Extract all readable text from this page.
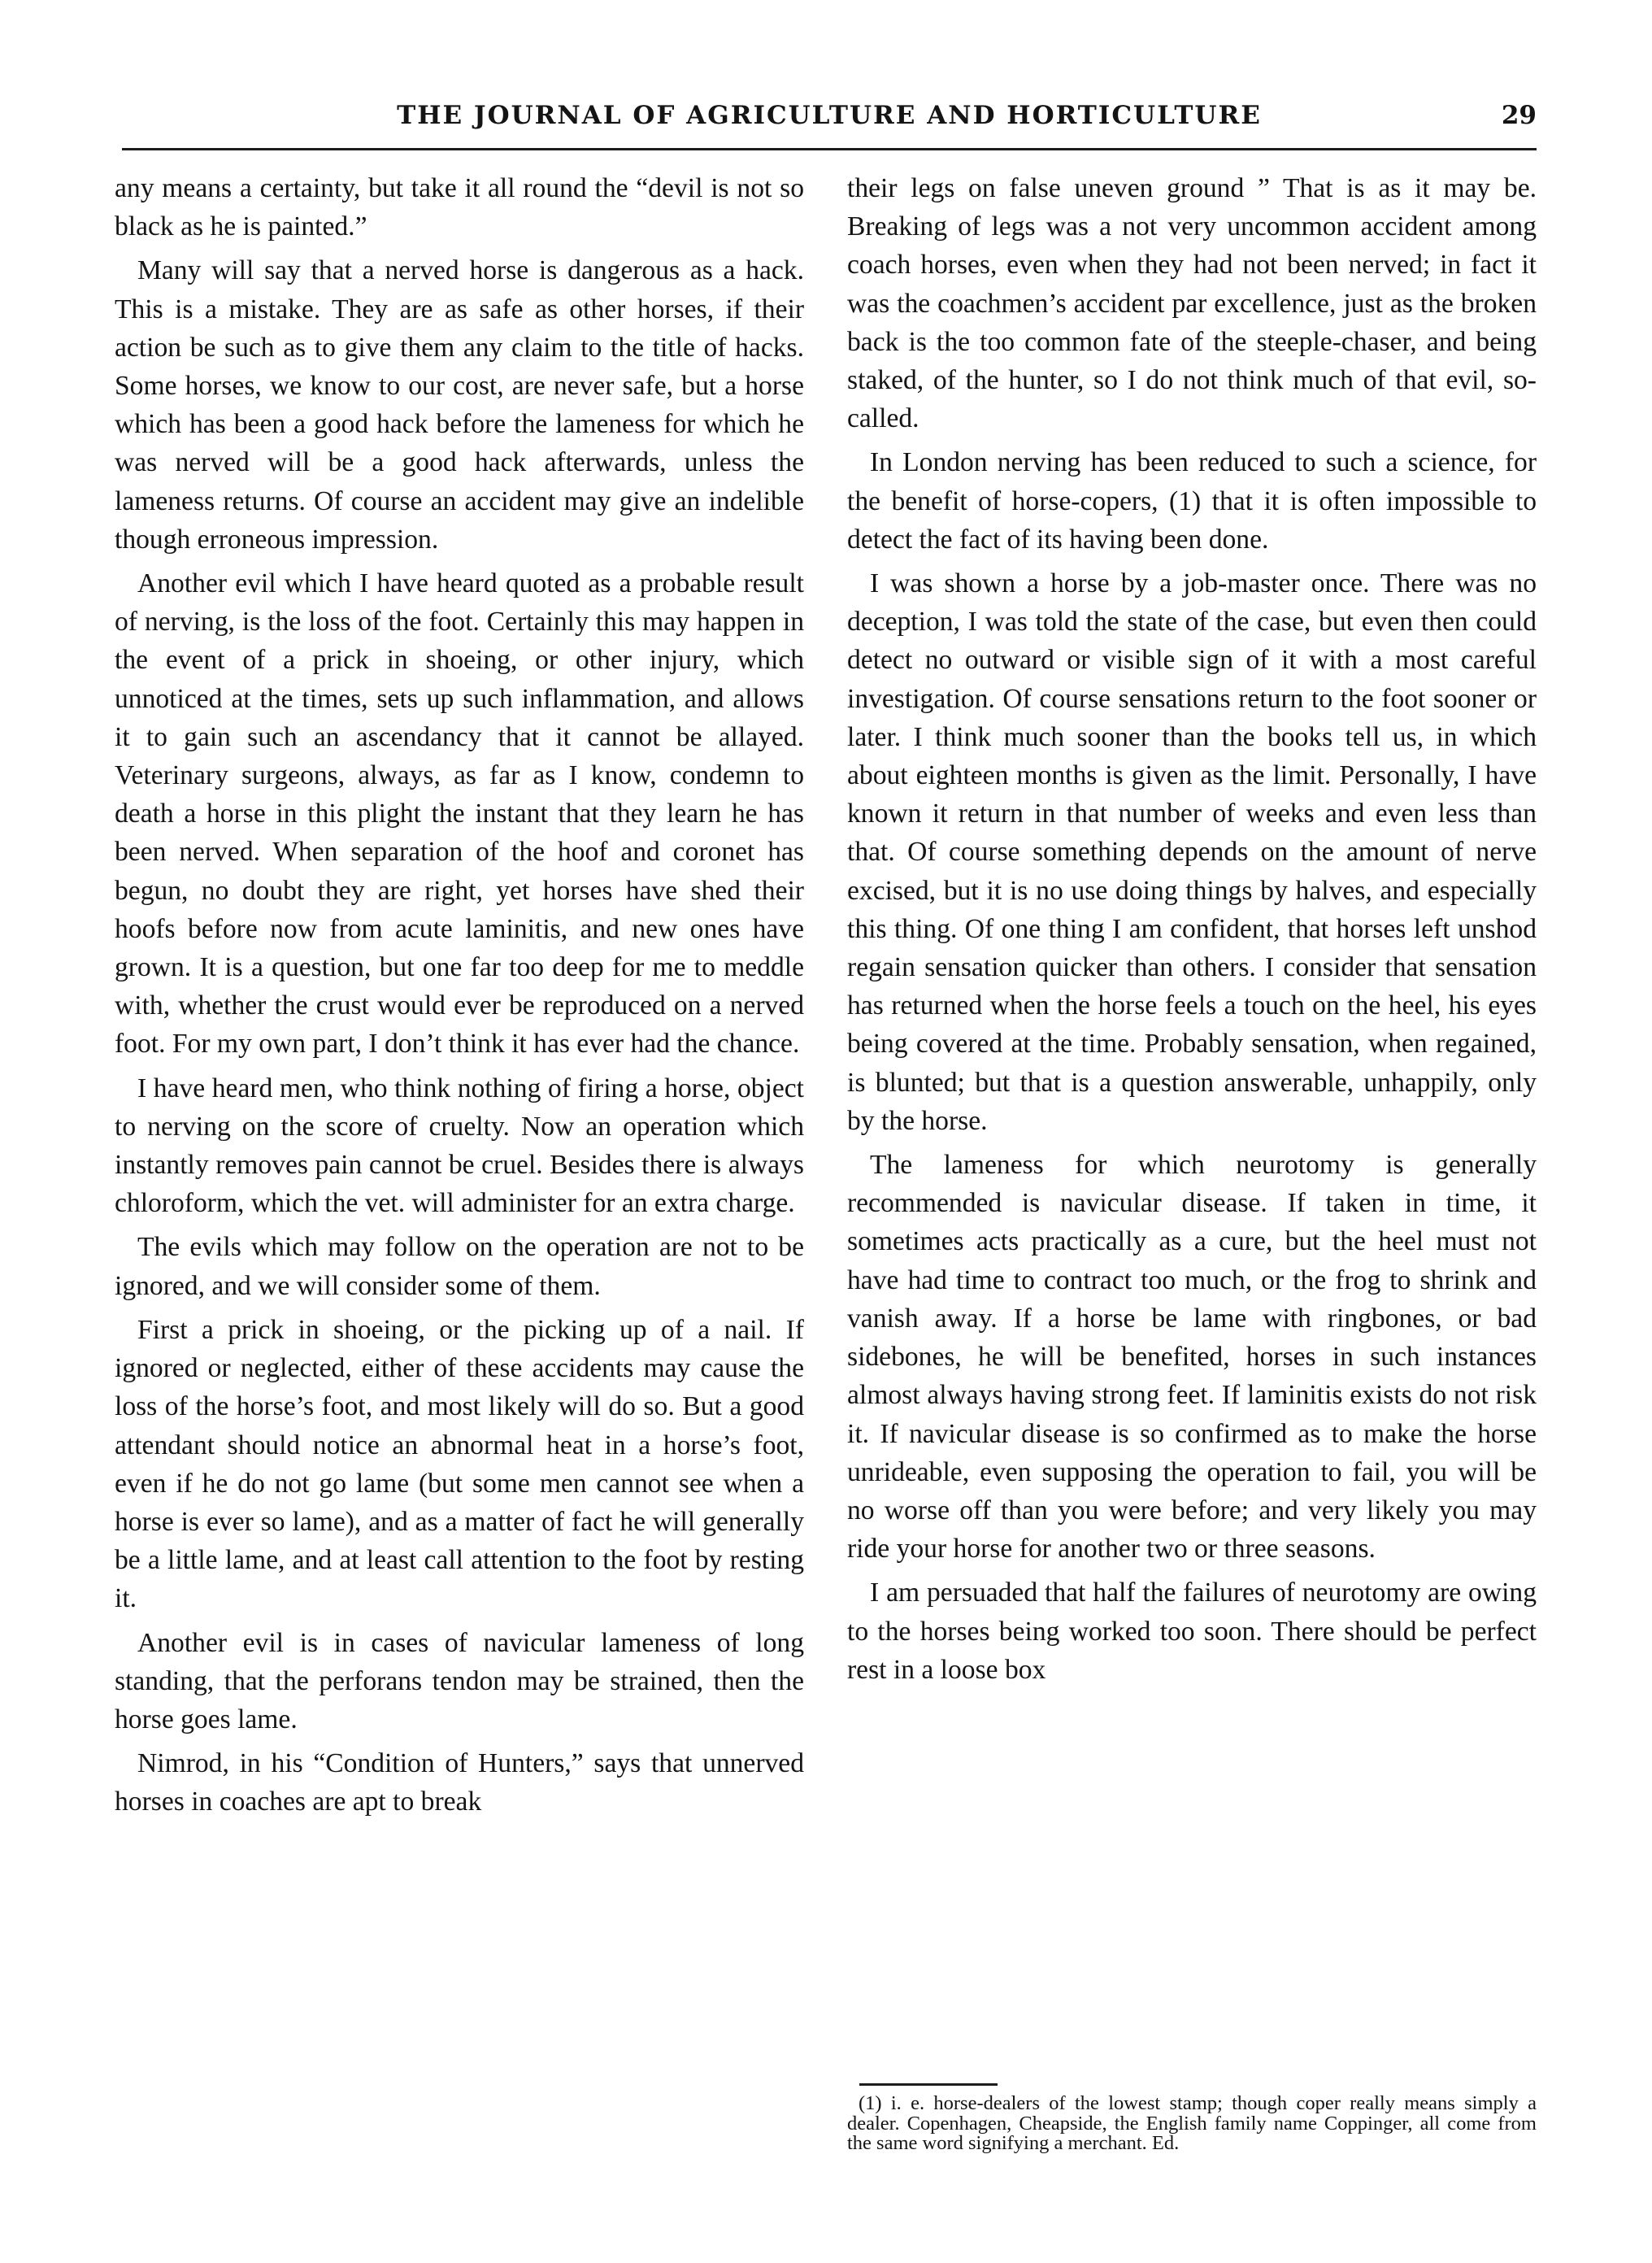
THE JOURNAL OF AGRICULTURE AND HORTICULTURE	29

any means a certainty, but take it all round the “devil is not so black as he is painted.”

Many will say that a nerved horse is dangerous as a hack. This is a mistake. They are as safe as other horses, if their action be such as to give them any claim to the title of hacks. Some horses, we know to our cost, are never safe, but a horse which has been a good hack before the lameness for which he was nerved will be a good hack afterwards, unless the lameness returns. Of course an accident may give an indelible though erroneous impression.

Another evil which I have heard quoted as a probable result of nerving, is the loss of the foot. Certainly this may happen in the event of a prick in shoeing, or other injury, which unnoticed at the times, sets up such inflammation, and allows it to gain such an ascendancy that it cannot be allayed. Veterinary surgeons, always, as far as I know, condemn to death a horse in this plight the instant that they learn he has been nerved. When separation of the hoof and coronet has begun, no doubt they are right, yet horses have shed their hoofs before now from acute laminitis, and new ones have grown. It is a question, but one far too deep for me to meddle with, whether the crust would ever be reproduced on a nerved foot. For my own part, I don’t think it has ever had the chance.

I have heard men, who think nothing of firing a horse, object to nerving on the score of cruelty. Now an operation which instantly removes pain cannot be cruel. Besides there is always chloroform, which the vet. will administer for an extra charge.

The evils which may follow on the operation are not to be ignored, and we will consider some of them.

First a prick in shoeing, or the picking up of a nail. If ignored or neglected, either of these accidents may cause the loss of the horse’s foot, and most likely will do so. But a good attendant should notice an abnormal heat in a horse’s foot, even if he do not go lame (but some men cannot see when a horse is ever so lame), and as a matter of fact he will generally be a little lame, and at least call attention to the foot by resting it.

Another evil is in cases of navicular lameness of long standing, that the perforans tendon may be strained, then the horse goes lame.

Nimrod, in his “Condition of Hunters,” says that unnerved horses in coaches are apt to break

their legs on false uneven ground ” That is as it may be. Breaking of legs was a not very uncommon accident among coach horses, even when they had not been nerved; in fact it was the coachmen’s accident par excellence, just as the broken back is the too common fate of the steeple-chaser, and being staked, of the hunter, so I do not think much of that evil, so-called.

In London nerving has been reduced to such a science, for the benefit of horse-copers, (1) that it is often impossible to detect the fact of its having been done.

I was shown a horse by a job-master once. There was no deception, I was told the state of the case, but even then could detect no outward or visible sign of it with a most careful investigation. Of course sensations return to the foot sooner or later. I think much sooner than the books tell us, in which about eighteen months is given as the limit. Personally, I have known it return in that number of weeks and even less than that. Of course something depends on the amount of nerve excised, but it is no use doing things by halves, and especially this thing. Of one thing I am confident, that horses left unshod regain sensation quicker than others. I consider that sensation has returned when the horse feels a touch on the heel, his eyes being covered at the time. Probably sensation, when regained, is blunted; but that is a question answerable, unhappily, only by the horse.

The lameness for which neurotomy is generally recommended is navicular disease. If taken in time, it sometimes acts practically as a cure, but the heel must not have had time to contract too much, or the frog to shrink and vanish away. If a horse be lame with ringbones, or bad sidebones, he will be benefited, horses in such instances almost always having strong feet. If laminitis exists do not risk it. If navicular disease is so confirmed as to make the horse unrideable, even supposing the operation to fail, you will be no worse off than you were before; and very likely you may ride your horse for another two or three seasons.

I am persuaded that half the failures of neurotomy are owing to the horses being worked too soon. There should be perfect rest in a loose box

(1) i. e. horse-dealers of the lowest stamp; though coper really means simply a dealer. Copenhagen, Cheapside, the English family name Coppinger, all come from the same word signifying a merchant. Ed.
